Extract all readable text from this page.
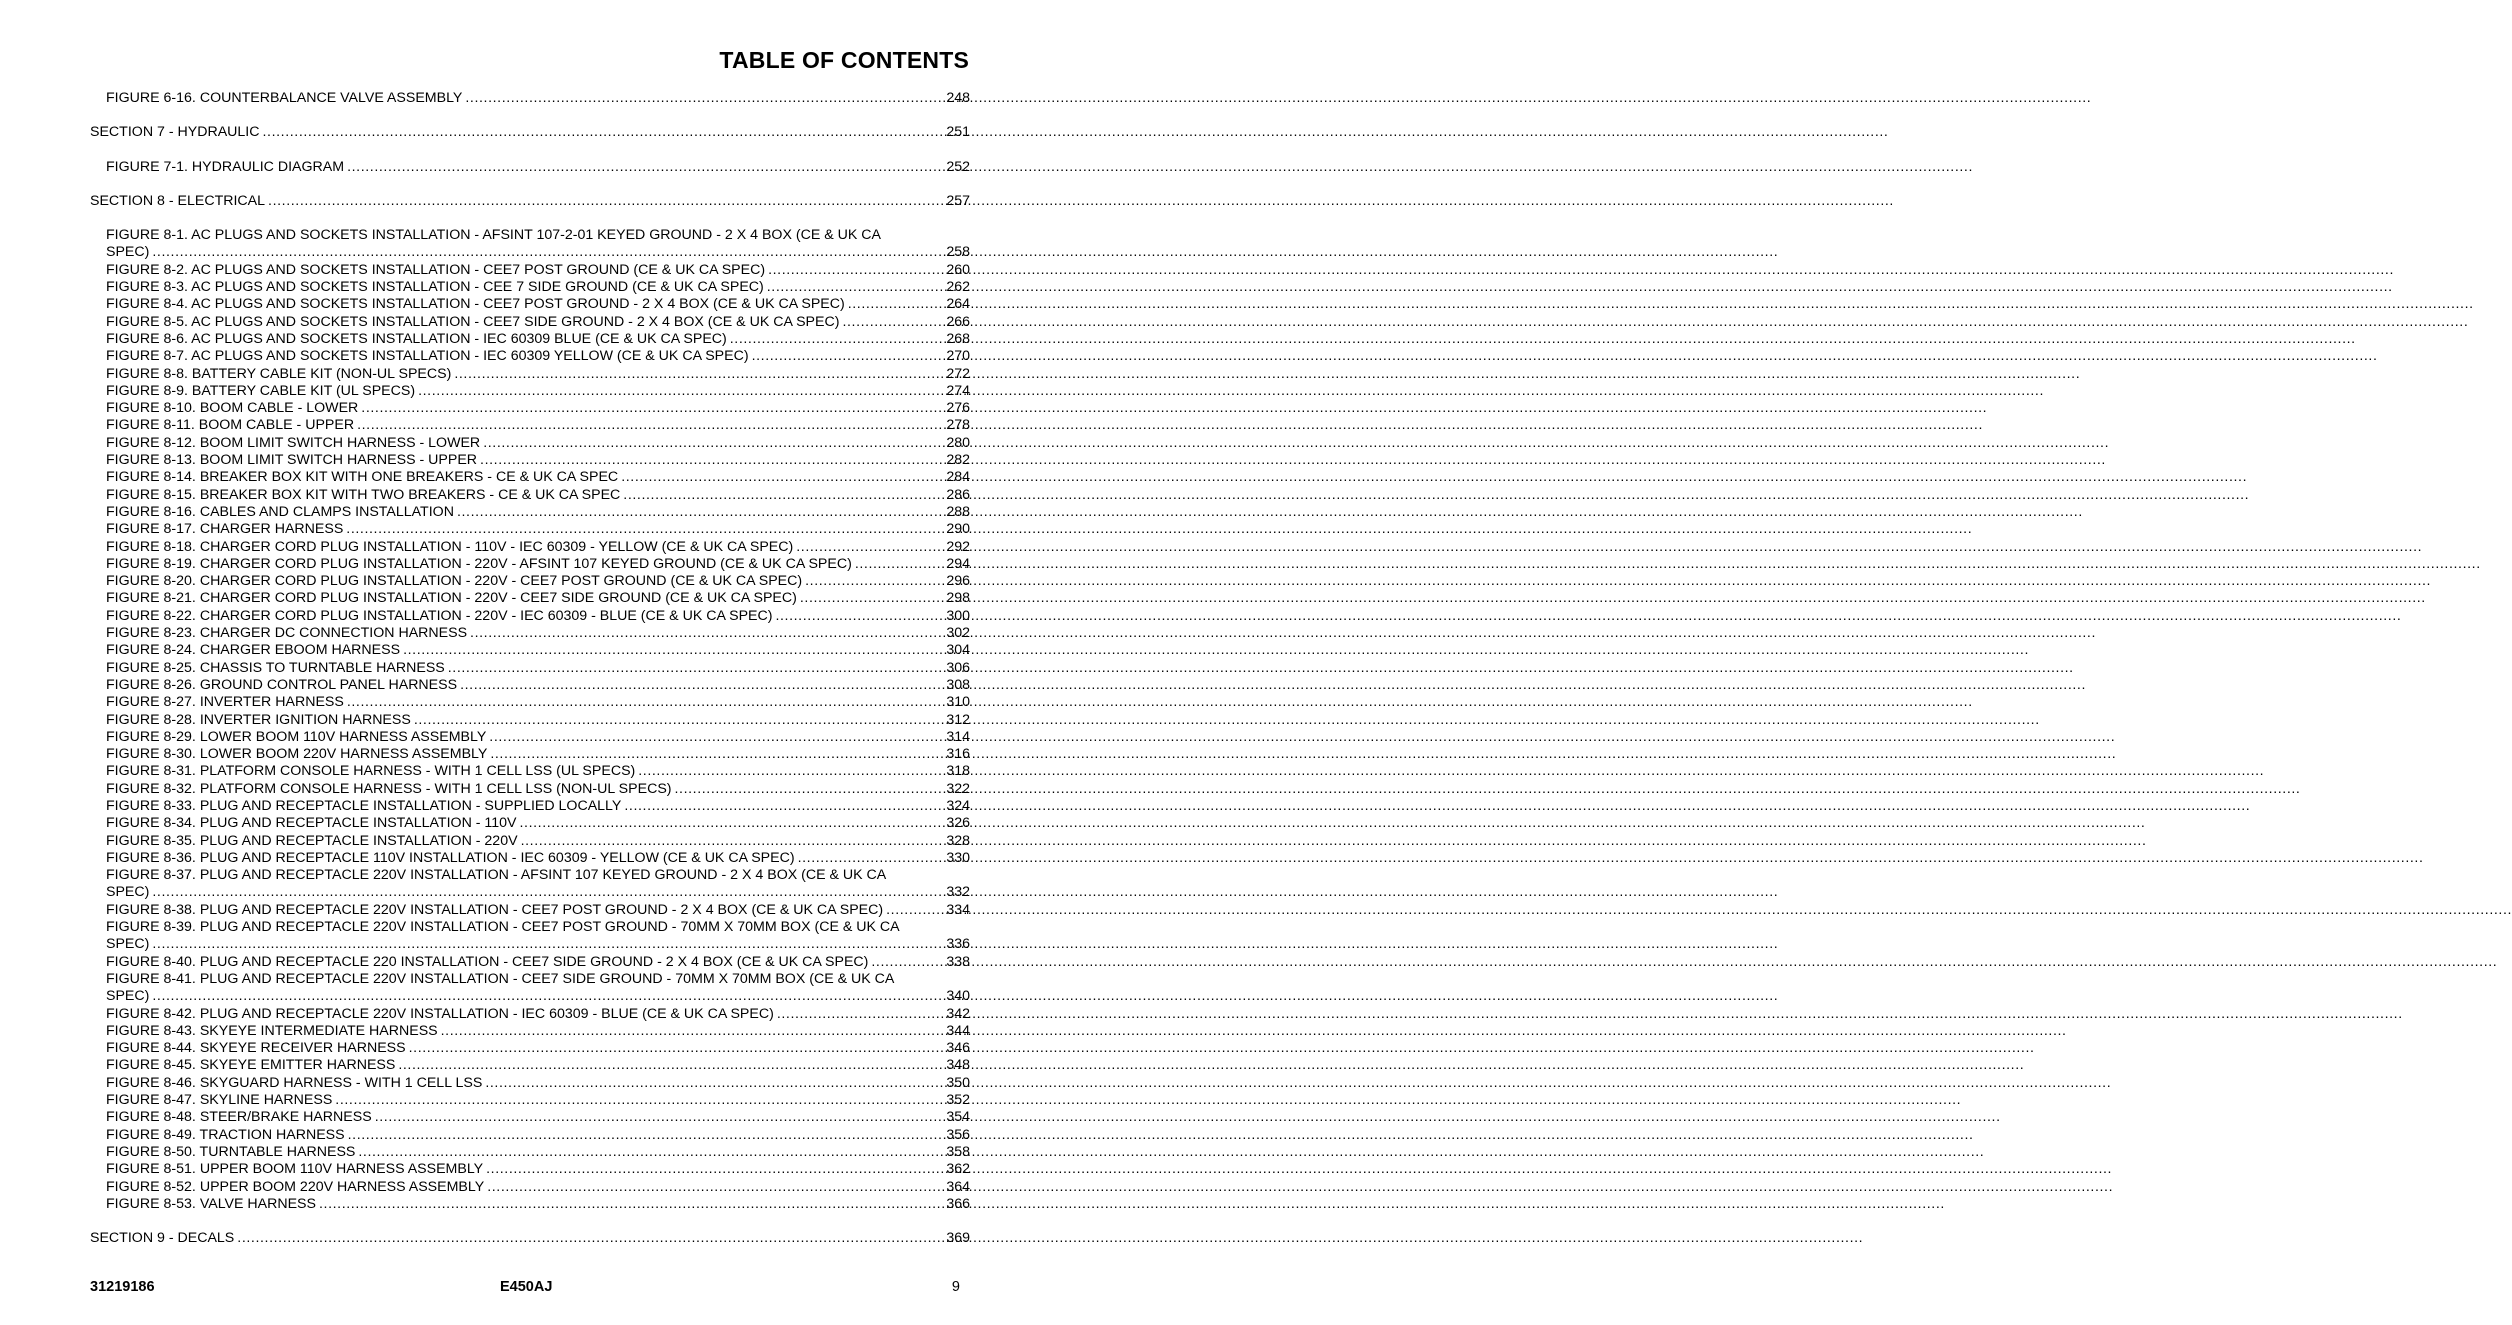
TABLE OF CONTENTS
FIGURE 6-16. COUNTERBALANCE VALVE ASSEMBLY .....	248
SECTION 7 - HYDRAULIC .....	251
FIGURE 7-1. HYDRAULIC DIAGRAM .....	252
SECTION 8 - ELECTRICAL .....	257
FIGURE 8-1. AC PLUGS AND SOCKETS INSTALLATION - AFSINT 107-2-01 KEYED GROUND - 2 X 4 BOX (CE & UK CA
SPEC) .....	258
FIGURE 8-2. AC PLUGS AND SOCKETS INSTALLATION - CEE7 POST GROUND (CE & UK CA SPEC) .....	260
FIGURE 8-3. AC PLUGS AND SOCKETS INSTALLATION - CEE 7 SIDE GROUND (CE & UK CA SPEC) .....	262
FIGURE 8-4. AC PLUGS AND SOCKETS INSTALLATION - CEE7 POST GROUND - 2 X 4 BOX (CE & UK CA SPEC) .....	264
FIGURE 8-5. AC PLUGS AND SOCKETS INSTALLATION - CEE7 SIDE GROUND - 2 X 4 BOX (CE & UK CA SPEC) .....	266
FIGURE 8-6. AC PLUGS AND SOCKETS INSTALLATION - IEC 60309 BLUE (CE & UK CA SPEC) .....	268
FIGURE 8-7. AC PLUGS AND SOCKETS INSTALLATION - IEC 60309 YELLOW (CE & UK CA SPEC) .....	270
FIGURE 8-8. BATTERY CABLE KIT (NON-UL SPECS) .....	272
FIGURE 8-9. BATTERY CABLE KIT (UL SPECS) .....	274
FIGURE 8-10. BOOM CABLE - LOWER .....	276
FIGURE 8-11. BOOM CABLE - UPPER .....	278
FIGURE 8-12. BOOM LIMIT SWITCH HARNESS - LOWER .....	280
FIGURE 8-13. BOOM LIMIT SWITCH HARNESS - UPPER .....	282
FIGURE 8-14. BREAKER BOX KIT WITH ONE BREAKERS - CE & UK CA SPEC .....	284
FIGURE 8-15. BREAKER BOX KIT WITH TWO BREAKERS - CE & UK CA SPEC .....	286
FIGURE 8-16. CABLES AND CLAMPS INSTALLATION .....	288
FIGURE 8-17. CHARGER HARNESS .....	290
FIGURE 8-18. CHARGER CORD PLUG INSTALLATION - 110V - IEC 60309 - YELLOW (CE & UK CA SPEC) .....	292
FIGURE 8-19. CHARGER CORD PLUG INSTALLATION - 220V - AFSINT 107 KEYED GROUND (CE & UK CA SPEC) .....	294
FIGURE 8-20. CHARGER CORD PLUG INSTALLATION - 220V - CEE7 POST GROUND (CE & UK CA SPEC) .....	296
FIGURE 8-21. CHARGER CORD PLUG INSTALLATION - 220V - CEE7 SIDE GROUND (CE & UK CA SPEC) .....	298
FIGURE 8-22. CHARGER CORD PLUG INSTALLATION - 220V - IEC 60309 - BLUE (CE & UK CA SPEC) .....	300
FIGURE 8-23. CHARGER DC CONNECTION HARNESS .....	302
FIGURE 8-24. CHARGER EBOOM HARNESS .....	304
FIGURE 8-25. CHASSIS TO TURNTABLE HARNESS .....	306
FIGURE 8-26. GROUND CONTROL PANEL HARNESS .....	308
FIGURE 8-27. INVERTER HARNESS .....	310
FIGURE 8-28. INVERTER IGNITION HARNESS .....	312
FIGURE 8-29. LOWER BOOM 110V HARNESS ASSEMBLY .....	314
FIGURE 8-30. LOWER BOOM 220V HARNESS ASSEMBLY .....	316
FIGURE 8-31. PLATFORM CONSOLE HARNESS - WITH 1 CELL LSS (UL SPECS) .....	318
FIGURE 8-32. PLATFORM CONSOLE HARNESS - WITH 1 CELL LSS (NON-UL SPECS) .....	322
FIGURE 8-33. PLUG AND RECEPTACLE INSTALLATION - SUPPLIED LOCALLY .....	324
FIGURE 8-34. PLUG AND RECEPTACLE INSTALLATION - 110V .....	326
FIGURE 8-35. PLUG AND RECEPTACLE INSTALLATION - 220V .....	328
FIGURE 8-36. PLUG AND RECEPTACLE 110V INSTALLATION - IEC 60309 - YELLOW (CE & UK CA SPEC) .....	330
FIGURE 8-37. PLUG AND RECEPTACLE 220V INSTALLATION - AFSINT 107 KEYED GROUND - 2 X 4 BOX (CE & UK CA
SPEC) .....	332
FIGURE 8-38. PLUG AND RECEPTACLE 220V INSTALLATION - CEE7 POST GROUND - 2 X 4 BOX (CE & UK CA SPEC) .....	334
FIGURE 8-39. PLUG AND RECEPTACLE 220V INSTALLATION - CEE7 POST GROUND - 70MM X 70MM BOX (CE & UK CA
SPEC) .....	336
FIGURE 8-40. PLUG AND RECEPTACLE 220 INSTALLATION - CEE7 SIDE GROUND - 2 X 4 BOX (CE & UK CA SPEC) .....	338
FIGURE 8-41. PLUG AND RECEPTACLE 220V INSTALLATION - CEE7 SIDE GROUND - 70MM X 70MM BOX (CE & UK CA
SPEC) .....	340
FIGURE 8-42. PLUG AND RECEPTACLE 220V INSTALLATION - IEC 60309 - BLUE (CE & UK CA SPEC) .....	342
FIGURE 8-43. SKYEYE INTERMEDIATE HARNESS .....	344
FIGURE 8-44. SKYEYE RECEIVER HARNESS .....	346
FIGURE 8-45. SKYEYE EMITTER HARNESS .....	348
FIGURE 8-46. SKYGUARD HARNESS - WITH 1 CELL LSS .....	350
FIGURE 8-47. SKYLINE HARNESS .....	352
FIGURE 8-48. STEER/BRAKE HARNESS .....	354
FIGURE 8-49. TRACTION HARNESS .....	356
FIGURE 8-50. TURNTABLE HARNESS .....	358
FIGURE 8-51. UPPER BOOM 110V HARNESS ASSEMBLY .....	362
FIGURE 8-52. UPPER BOOM 220V HARNESS ASSEMBLY .....	364
FIGURE 8-53. VALVE HARNESS .....	366
SECTION 9 - DECALS .....	369
31219186	E450AJ	9
